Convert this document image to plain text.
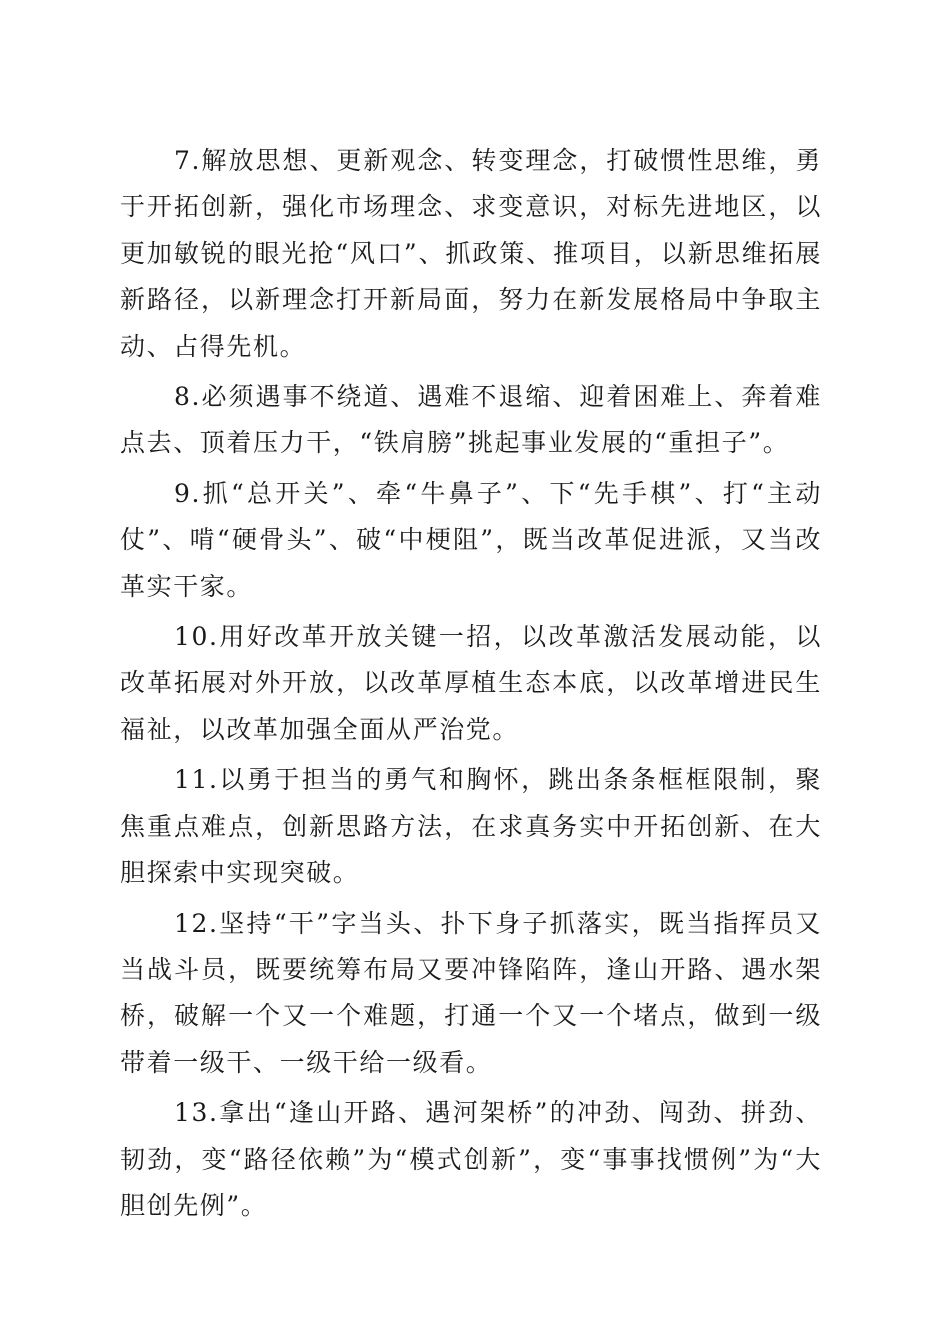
7.解放思想、更新观念、转变理念，打破惯性思维，勇于开拓创新，强化市场理念、求变意识，对标先进地区，以更加敏锐的眼光抢“风口”、抓政策、推项目，以新思维拓展新路径，以新理念打开新局面，努力在新发展格局中争取主动、占得先机。

8.必须遇事不绕道、遇难不退缩、迎着困难上、奔着难点去、顶着压力干，“铁肩膀”挑起事业发展的“重担子”。

9.抓“总开关”、牵“牛鼻子”、下“先手棋”、打“主动仗”、啃“硬骨头”、破“中梗阻”，既当改革促进派，又当改革实干家。

10.用好改革开放关键一招，以改革激活发展动能，以改革拓展对外开放，以改革厚植生态本底，以改革增进民生福祉，以改革加强全面从严治党。

11.以勇于担当的勇气和胸怀，跳出条条框框限制，聚焦重点难点，创新思路方法，在求真务实中开拓创新、在大胆探索中实现突破。

12.坚持“干”字当头、扑下身子抓落实，既当指挥员又当战斗员，既要统筹布局又要冲锋陷阵，逢山开路、遇水架桥，破解一个又一个难题，打通一个又一个堵点，做到一级带着一级干、一级干给一级看。

13.拿出“逢山开路、遇河架桥”的冲劲、闯劲、拼劲、韧劲，变“路径依赖”为“模式创新”，变“事事找惯例”为“大胆创先例”。
